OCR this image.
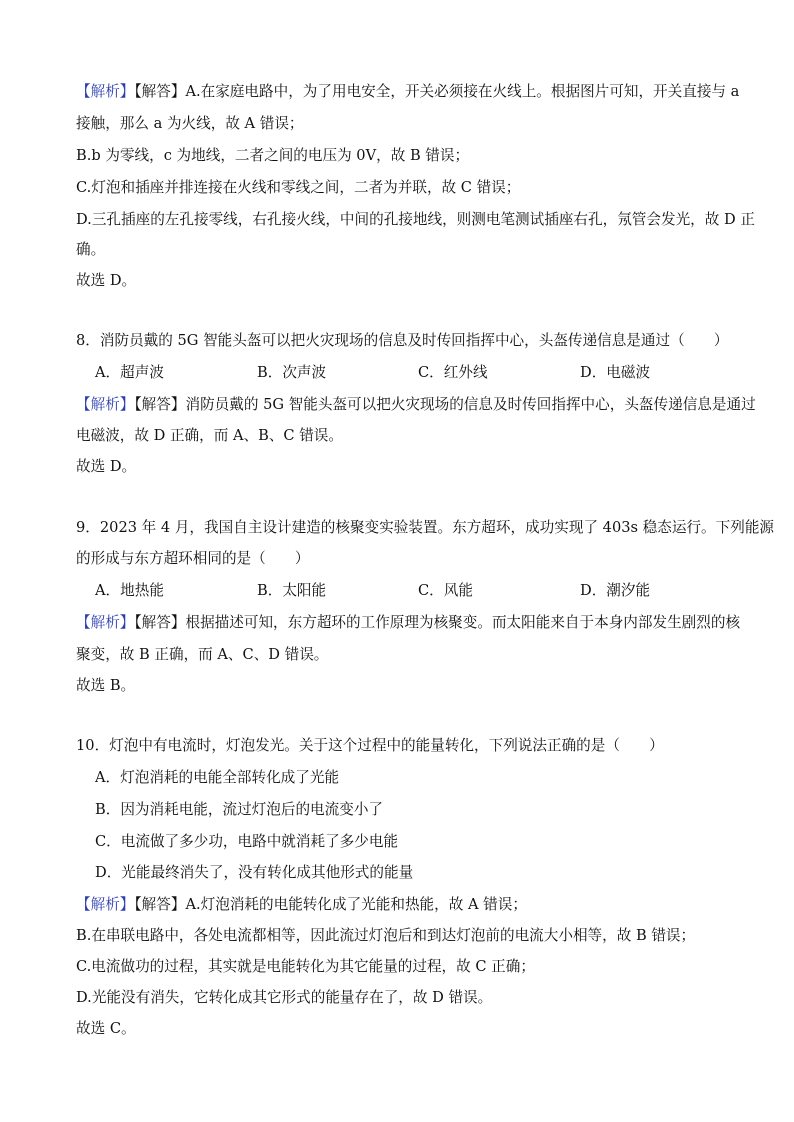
【解析】【解答】A.在家庭电路中，为了用电安全，开关必须接在火线上。根据图片可知，开关直接与 a
接触，那么 a 为火线，故 A 错误；
B.b 为零线，c 为地线，二者之间的电压为 0V，故 B 错误；
C.灯泡和插座并排连接在火线和零线之间，二者为并联，故 C 错误；
D.三孔插座的左孔接零线，右孔接火线，中间的孔接地线，则测电笔测试插座右孔，氖管会发光，故 D 正
确。
故选 D。
8．消防员戴的 5G 智能头盔可以把火灾现场的信息及时传回指挥中心，头盔传递信息是通过（　　）
A．超声波	B．次声波	C．红外线	D．电磁波
【解析】【解答】消防员戴的 5G 智能头盔可以把火灾现场的信息及时传回指挥中心，头盔传递信息是通过
电磁波，故 D 正确，而 A、B、C 错误。
故选 D。
9．2023 年 4 月，我国自主设计建造的核聚变实验装置。东方超环，成功实现了 403s 稳态运行。下列能源
的形成与东方超环相同的是（　　）
A．地热能	B．太阳能	C．风能	D．潮汐能
【解析】【解答】根据描述可知，东方超环的工作原理为核聚变。而太阳能来自于本身内部发生剧烈的核
聚变，故 B 正确，而 A、C、D 错误。
故选 B。
10．灯泡中有电流时，灯泡发光。关于这个过程中的能量转化，下列说法正确的是（　　）
A．灯泡消耗的电能全部转化成了光能
B．因为消耗电能，流过灯泡后的电流变小了
C．电流做了多少功，电路中就消耗了多少电能
D．光能最终消失了，没有转化成其他形式的能量
【解析】【解答】A.灯泡消耗的电能转化成了光能和热能，故 A 错误；
B.在串联电路中，各处电流都相等，因此流过灯泡后和到达灯泡前的电流大小相等，故 B 错误；
C.电流做功的过程，其实就是电能转化为其它能量的过程，故 C 正确；
D.光能没有消失，它转化成其它形式的能量存在了，故 D 错误。
故选 C。
